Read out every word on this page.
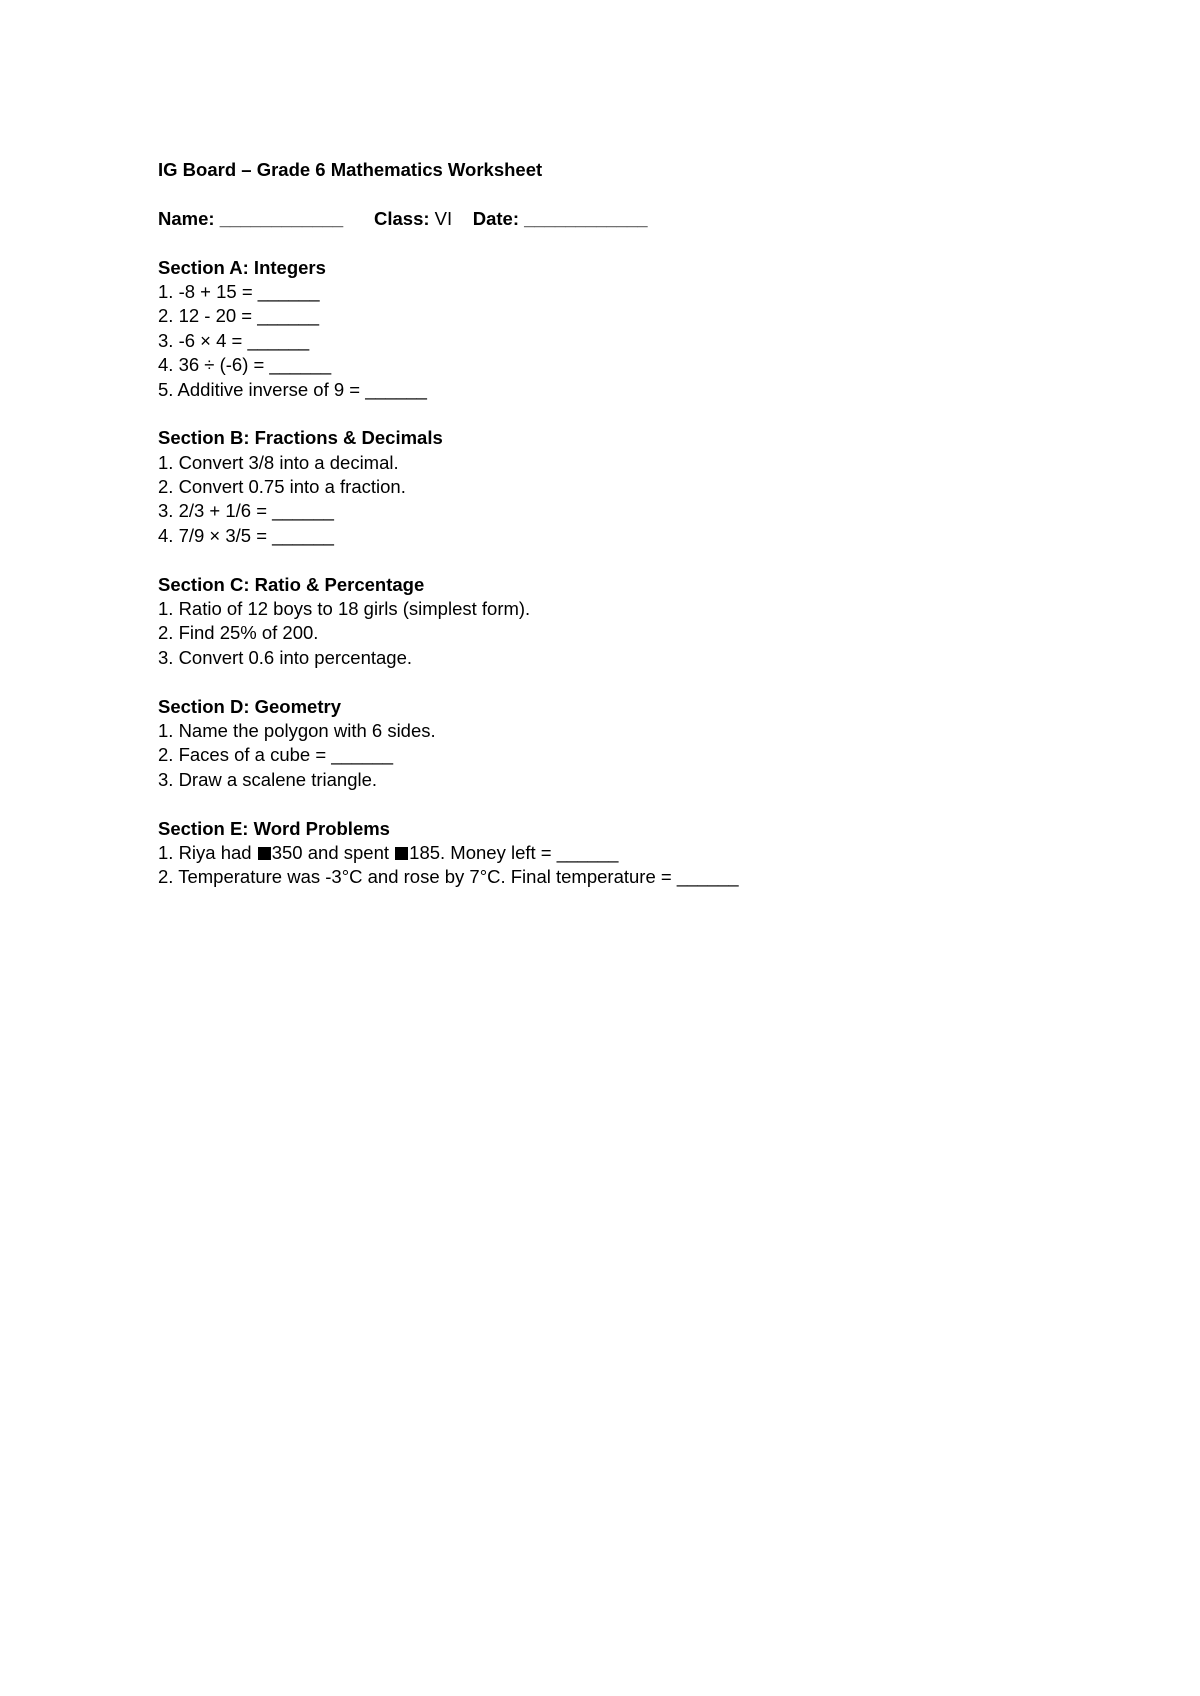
IG Board – Grade 6 Mathematics Worksheet
Name: ____________ Class: VI Date: ____________
Section A: Integers
1. -8 + 15 = ______
2. 12 - 20 = ______
3. -6 × 4 = ______
4. 36 ÷ (-6) = ______
5. Additive inverse of 9 = ______
Section B: Fractions & Decimals
1. Convert 3/8 into a decimal.
2. Convert 0.75 into a fraction.
3. 2/3 + 1/6 = ______
4. 7/9 × 3/5 = ______
Section C: Ratio & Percentage
1. Ratio of 12 boys to 18 girls (simplest form).
2. Find 25% of 200.
3. Convert 0.6 into percentage.
Section D: Geometry
1. Name the polygon with 6 sides.
2. Faces of a cube = ______
3. Draw a scalene triangle.
Section E: Word Problems
1. Riya had 350 and spent 185. Money left = ______
2. Temperature was -3°C and rose by 7°C. Final temperature = ______
